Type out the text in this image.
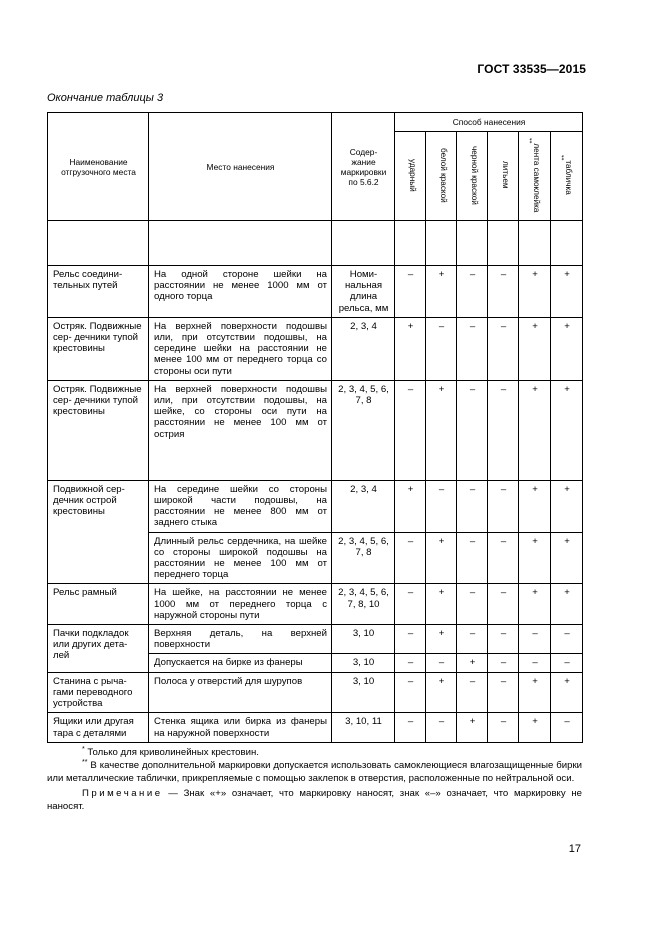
ГОСТ 33535—2015
Окончание таблицы 3
Наименование отгрузочного места	Место нанесения	Содер- жание маркировки по 5.6.2	Способ нанесения					
			ударный	белой краской	черной краской	литьем	лента самоклейка**	табличка**

Рельс соедини- тельных путей	На одной стороне шейки на расстоянии не менее 1000 мм от одного торца	Номи- нальная длина рельса, мм	–	+	–	–	+	+
Остряк. Подвижные сер- дечники тупой крестовины	На верхней поверхности подошвы или, при отсутствии подошвы, на середине шейки на расстоянии не менее 100 мм от переднего торца со стороны оси пути	2, 3, 4	+	–	–	–	+	+
Остряк. Подвижные сер- дечники тупой крестовины	На верхней поверхности подошвы или, при отсутствии подошвы, на шейке, со стороны оси пути на расстоянии не менее 100 мм от острия	2, 3, 4, 5, 6, 7, 8	–	+	–	–	+	+
Подвижной сер- дечник острой крестовины	На середине шейки со стороны широкой части подошвы, на расстоянии не менее 800 мм от заднего стыка	2, 3, 4	+	–	–	–	+	+
	Длинный рельс сердечника, на шейке со стороны широкой подошвы на расстоянии не менее 100 мм от переднего торца	2, 3, 4, 5, 6, 7, 8	–	+	–	–	+	+
Рельс рамный	На шейке, на расстоянии не менее 1000 мм от переднего торца с наружной стороны пути	2, 3, 4, 5, 6, 7, 8, 10	–	+	–	–	+	+
Пачки подкладок или других дета- лей	Верхняя деталь, на верхней поверхности	3, 10	–	+	–	–	–	–
	Допускается на бирке из фанеры	3, 10	–	–	+	–	–	–
Станина с рыча- гами переводного устройства	Полоса у отверстий для шурупов	3, 10	–	+	–	–	+	+
Ящики или другая тара с деталями	Стенка ящика или бирка из фанеры на наружной поверхности	3, 10, 11	–	–	+	–	+	–

* Только для криволинейных крестовин.

** В качестве дополнительной маркировки допускается использовать самоклеющиеся влагозащищенные бирки или металлические таблички, прикрепляемые с помощью заклепок в отверстия, расположенные по нейтральной оси.

Примечание — Знак «+» означает, что маркировку наносят, знак «–» означает, что маркировку не наносят.

17
